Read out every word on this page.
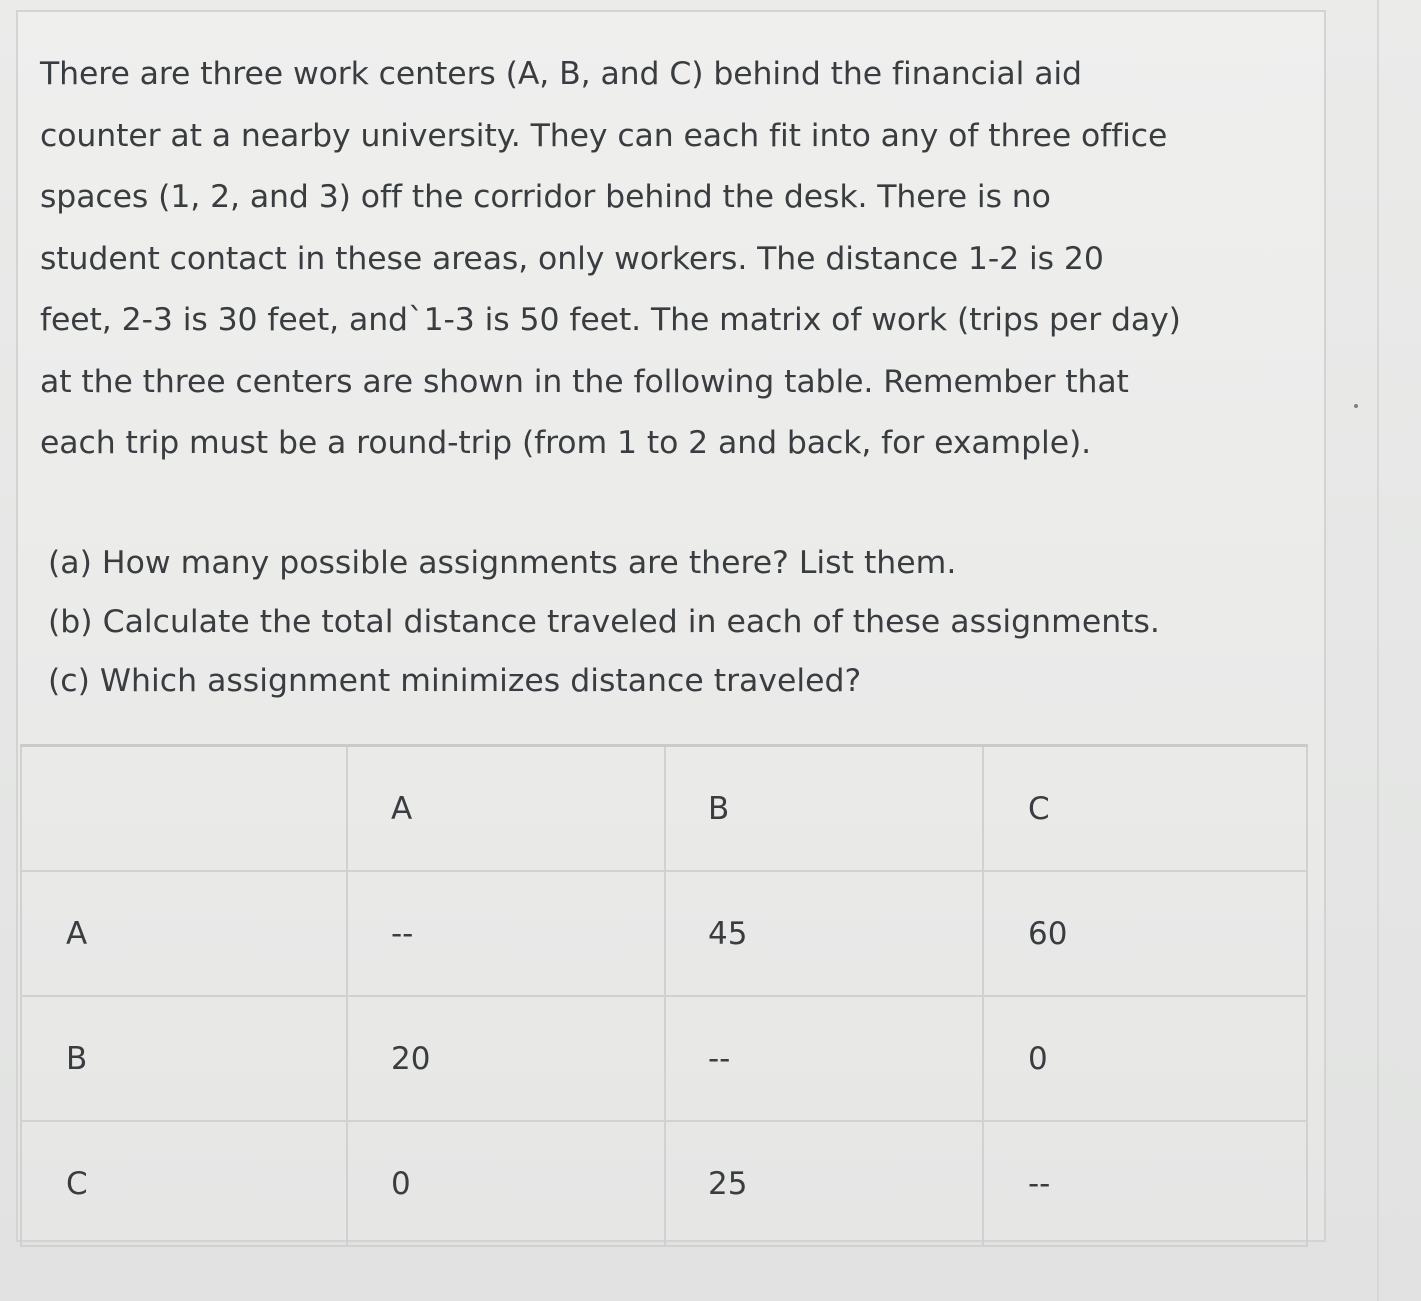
There are three work centers (A, B, and C) behind the financial aid
counter at a nearby university. They can each fit into any of three office
spaces (1, 2, and 3) off the corridor behind the desk. There is no
student contact in these areas, only workers. The distance 1-2 is 20
feet, 2-3 is 30 feet, and`1-3 is 50 feet. The matrix of work (trips per day)
at the three centers are shown in the following table. Remember that
each trip must be a round-trip (from 1 to 2 and back, for example).

(a) How many possible assignments are there? List them.
(b) Calculate the total distance traveled in each of these assignments.
(c) Which assignment minimizes distance traveled?
	A	B	C
A	--	45	60
B	20	--	0
C	0	25	--
